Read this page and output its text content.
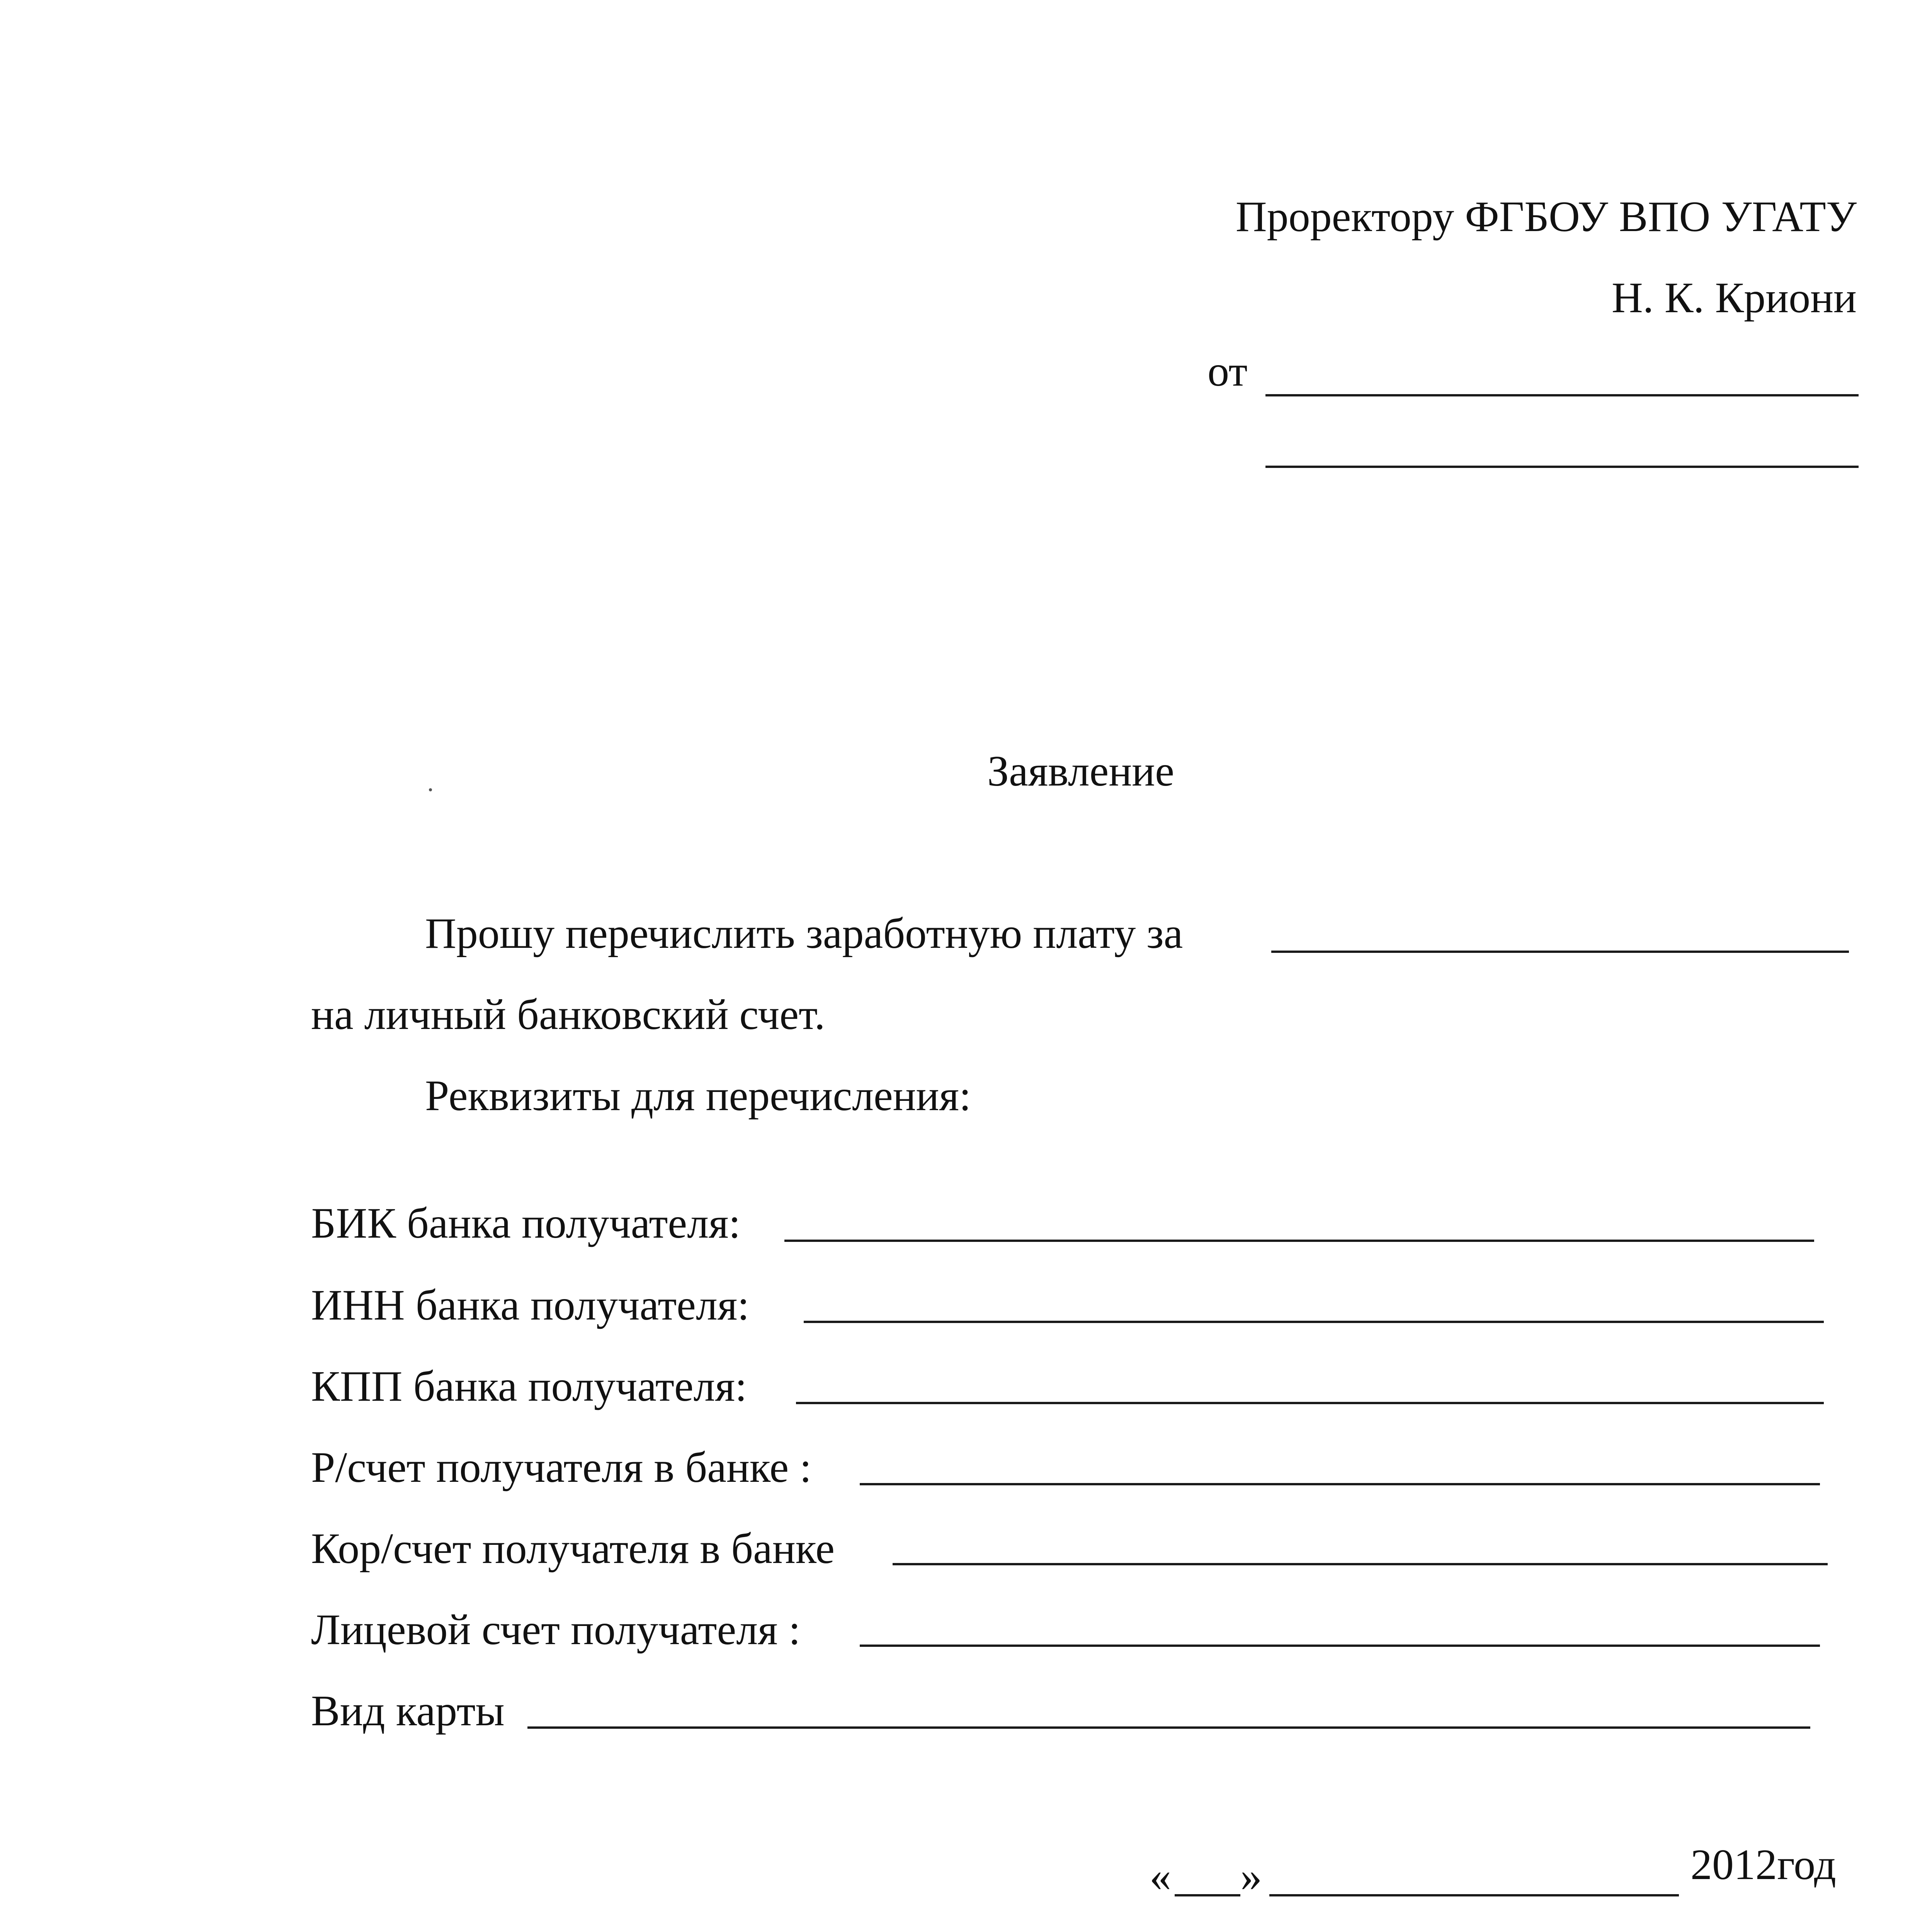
Проректору ФГБОУ ВПО УГАТУ
Н. К. Криони
от
Заявление
Прошу перечислить заработную плату за
на личный банковский счет.
Реквизиты для перечисления:
БИК банка получателя:
ИНН банка получателя:
КПП банка получателя:
Р/счет получателя в банке :
Кор/счет получателя в банке
Лицевой счет получателя :
Вид карты
« »	2012год
